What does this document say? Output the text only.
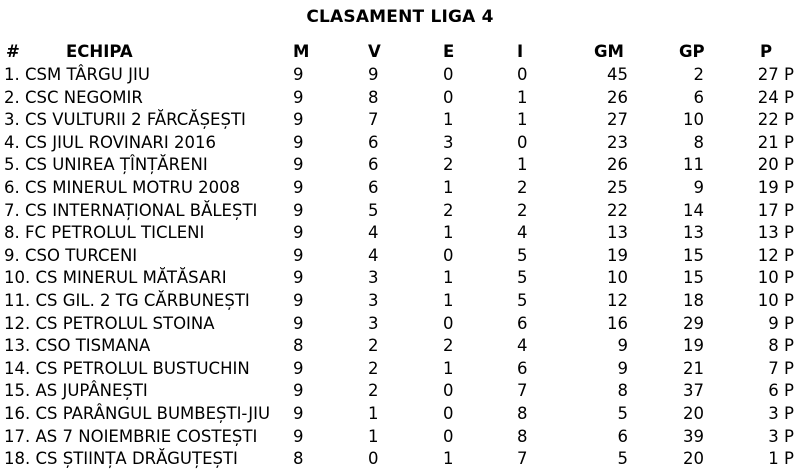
CLASAMENT LIGA 4
#	ECHIPA	M	V	E	I	GM	GP	P
1. CSM TÂRGU JIU	9	9	0	0	45	2	27 P
2. CSC NEGOMIR	9	8	0	1	26	6	24 P
3. CS VULTURII 2 FĂRCĂȘEȘTI	9	7	1	1	27	10	22 P
4. CS JIUL ROVINARI 2016	9	6	3	0	23	8	21 P
5. CS UNIREA ȚÎNȚĂRENI	9	6	2	1	26	11	20 P
6. CS MINERUL MOTRU 2008	9	6	1	2	25	9	19 P
7. CS INTERNAȚIONAL BĂLEȘTI 9	5	2	2	22	14	17 P
8. FC PETROLUL TICLENI	9	4	1	4	13	13	13 P
9. CSO TURCENI	9	4	0	5	19	15	12 P
10. CS MINERUL MĂTĂSARI	9	3	1	5	10	15	10 P
11. CS GIL. 2 TG CĂRBUNEȘTI	9	3	1	5	12	18	10 P
12. CS PETROLUL STOINA	9	3	0	6	16	29	9 P
13. CSO TISMANA	8	2	2	4	9	19	8 P
14. CS PETROLUL BUSTUCHIN	9	2	1	6	9	21	7 P
15. AS JUPÂNEȘTI	9	2	0	7	8	37	6 P
16. CS PARÂNGUL BUMBEȘTI-JIU 9	1	0	8	5	20	3 P
17. AS 7 NOIEMBRIE COSTEȘTI 9	1	0	8	6	39	3 P
18. CS ȘTIINȚA DRĂGUȚEȘTI	8	0	1	7	5	20	1 P
